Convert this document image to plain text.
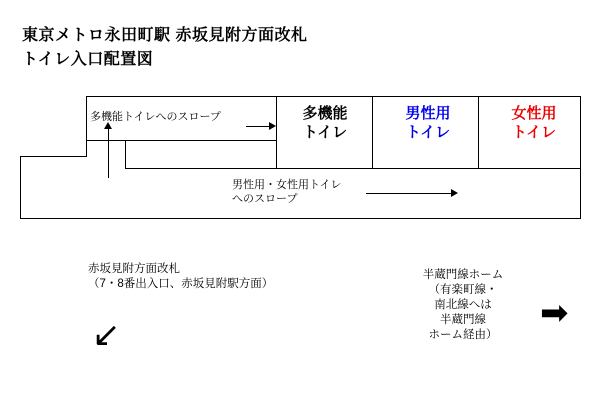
東京メトロ永田町駅 赤坂見附方面改札
トイレ入口配置図
多機能
トイレ
男性用
トイレ
女性用
トイレ
多機能トイレへのスロープ
男性用・女性用トイレ
へのスロープ
赤坂見附方面改札
（7・8番出入口、赤坂見附駅方面）
↙
半蔵門線ホーム
（有楽町線・
南北線へは
半蔵門線
ホーム経由）
➡
